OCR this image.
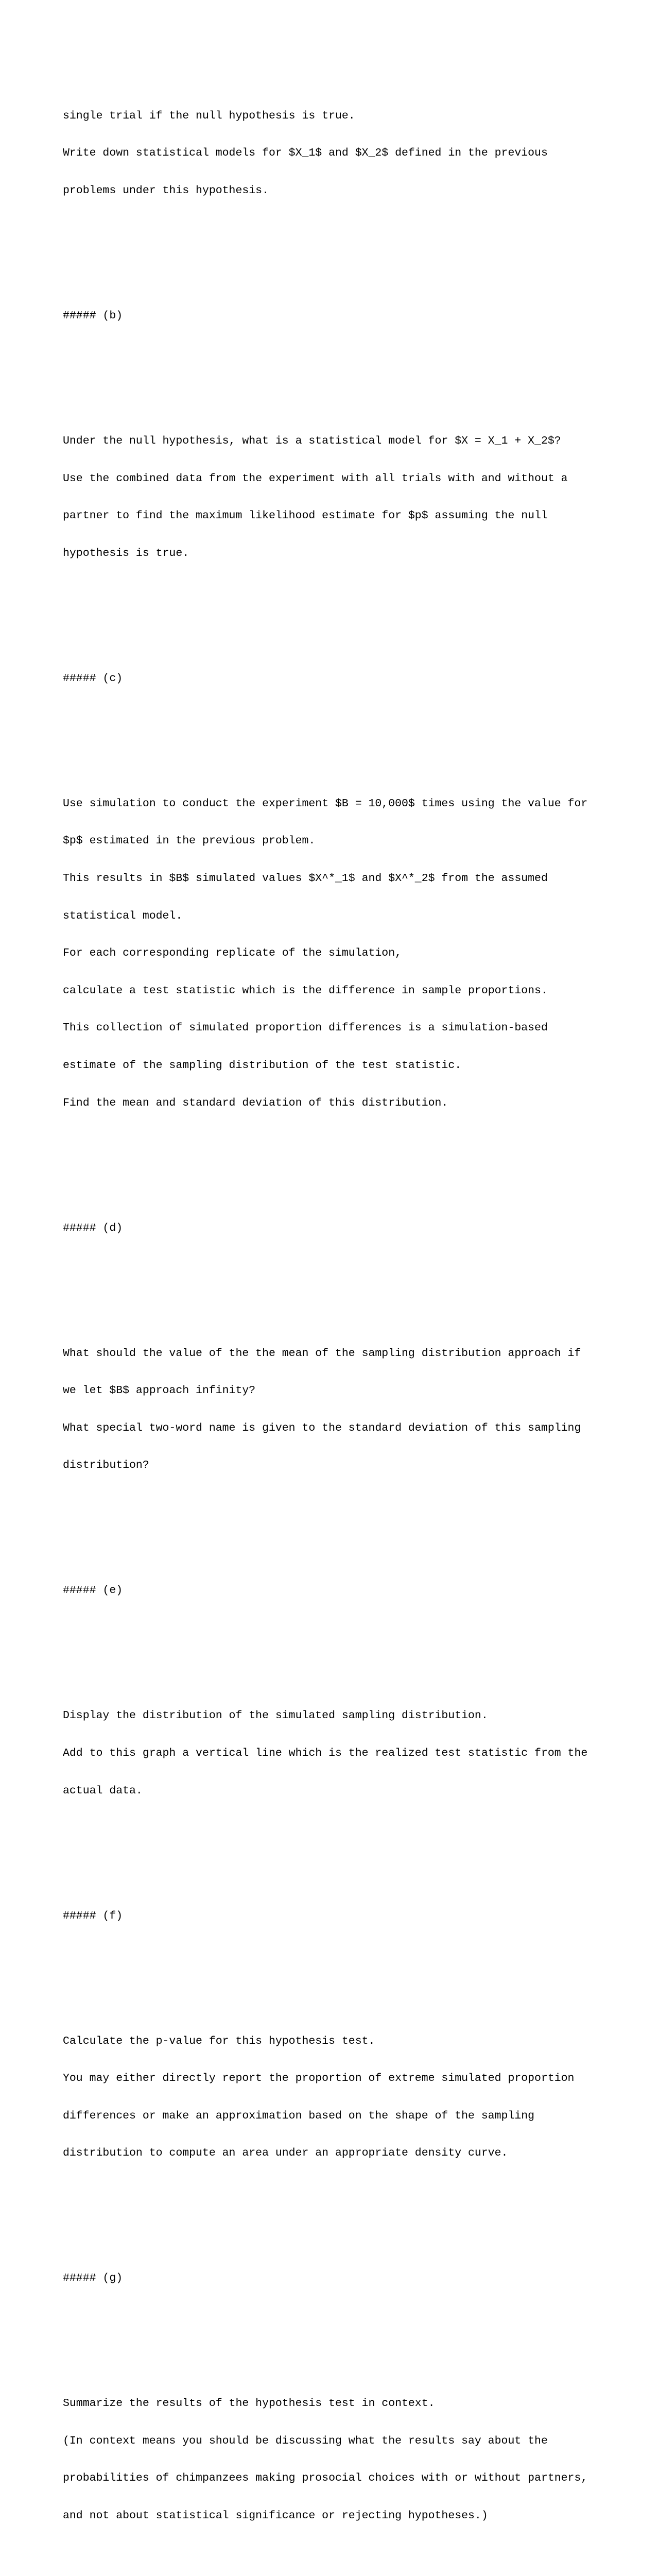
single trial if the null hypothesis is true.

Write down statistical models for $X_1$ and $X_2$ defined in the previous

problems under this hypothesis.

##### (b)

Under the null hypothesis, what is a statistical model for $X = X_1 + X_2$?

Use the combined data from the experiment with all trials with and without a

partner to find the maximum likelihood estimate for $p$ assuming the null

hypothesis is true.

##### (c)

Use simulation to conduct the experiment $B = 10,000$ times using the value for

$p$ estimated in the previous problem.

This results in $B$ simulated values $X^*_1$ and $X^*_2$ from the assumed

statistical model.

For each corresponding replicate of the simulation,

calculate a test statistic which is the difference in sample proportions.

This collection of simulated proportion differences is a simulation-based

estimate of the sampling distribution of the test statistic.

Find the mean and standard deviation of this distribution.

##### (d)

What should the value of the the mean of the sampling distribution approach if

we let $B$ approach infinity?

What special two-word name is given to the standard deviation of this sampling

distribution?

##### (e)

Display the distribution of the simulated sampling distribution.

Add to this graph a vertical line which is the realized test statistic from the

actual data.

##### (f)

Calculate the p-value for this hypothesis test.

You may either directly report the proportion of extreme simulated proportion

differences or make an approximation based on the shape of the sampling

distribution to compute an area under an appropriate density curve.

##### (g)

Summarize the results of the hypothesis test in context.

(In context means you should be discussing what the results say about the

probabilities of chimpanzees making prosocial choices with or without partners,

and not about statistical significance or rejecting hypotheses.)
